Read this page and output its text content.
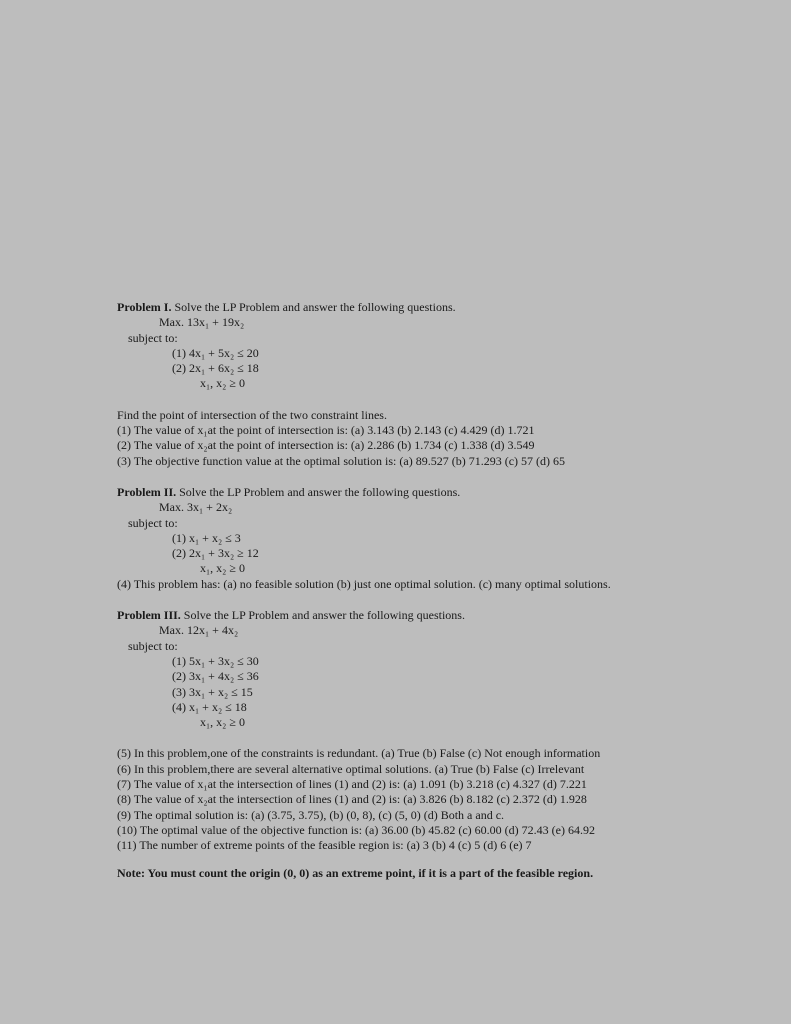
Problem I. Solve the LP Problem and answer the following questions.
Max. 13x₁ + 19x₂
subject to:
(1) 4x₁ + 5x₂ ≤ 20
(2) 2x₁ + 6x₂ ≤ 18
x₁, x₂ ≥ 0
Find the point of intersection of the two constraint lines.
(1) The value of x₁at the point of intersection is: (a) 3.143 (b) 2.143 (c) 4.429 (d) 1.721
(2) The value of x₂at the point of intersection is: (a) 2.286 (b) 1.734 (c) 1.338 (d) 3.549
(3) The objective function value at the optimal solution is: (a) 89.527 (b) 71.293 (c) 57 (d) 65
Problem II. Solve the LP Problem and answer the following questions.
Max. 3x₁ + 2x₂
subject to:
(1) x₁ + x₂ ≤ 3
(2) 2x₁ + 3x₂ ≥ 12
x₁, x₂ ≥ 0
(4) This problem has: (a) no feasible solution (b) just one optimal solution. (c) many optimal solutions.
Problem III. Solve the LP Problem and answer the following questions.
Max. 12x₁ + 4x₂
subject to:
(1) 5x₁ + 3x₂ ≤ 30
(2) 3x₁ + 4x₂ ≤ 36
(3) 3x₁ + x₂ ≤ 15
(4) x₁ + x₂ ≤ 18
x₁, x₂ ≥ 0
(5) In this problem,one of the constraints is redundant. (a) True (b) False (c) Not enough information
(6) In this problem,there are several alternative optimal solutions. (a) True (b) False (c) Irrelevant
(7) The value of x₁at the intersection of lines (1) and (2) is: (a) 1.091 (b) 3.218 (c) 4.327 (d) 7.221
(8) The value of x₂at the intersection of lines (1) and (2) is: (a) 3.826 (b) 8.182 (c) 2.372 (d) 1.928
(9) The optimal solution is: (a) (3.75, 3.75), (b) (0, 8), (c) (5, 0) (d) Both a and c.
(10) The optimal value of the objective function is: (a) 36.00 (b) 45.82 (c) 60.00 (d) 72.43 (e) 64.92
(11) The number of extreme points of the feasible region is: (a) 3 (b) 4 (c) 5 (d) 6 (e) 7
Note: You must count the origin (0, 0) as an extreme point, if it is a part of the feasible region.
